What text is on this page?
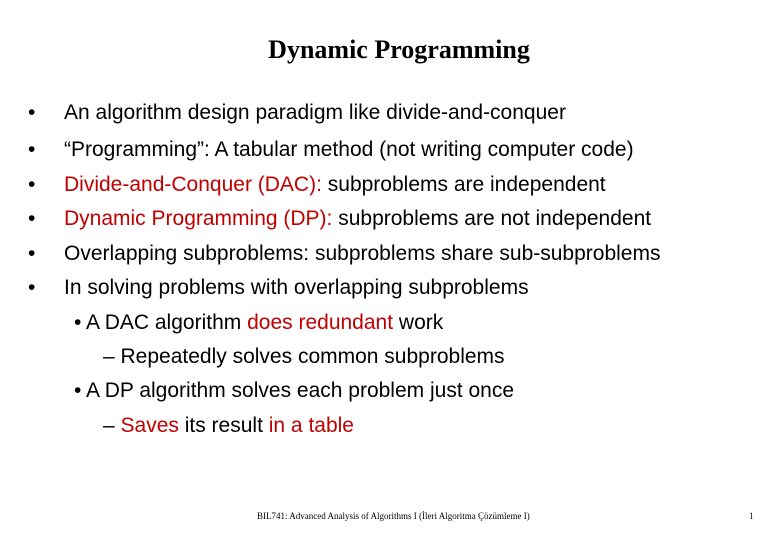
Dynamic Programming
• An algorithm design paradigm like divide-and-conquer
• “Programming”: A tabular method (not writing computer code)
• Divide-and-Conquer (DAC): subproblems are independent
• Dynamic Programming (DP): subproblems are not independent
• Overlapping subproblems: subproblems share sub-subproblems
• In solving problems with overlapping subproblems
• A DAC algorithm does redundant work
– Repeatedly solves common subproblems
• A DP algorithm solves each problem just once
– Saves its result in a table
BIL741: Advanced Analysis of Algorithms I (İleri Algoritma Çözümleme I)	1
